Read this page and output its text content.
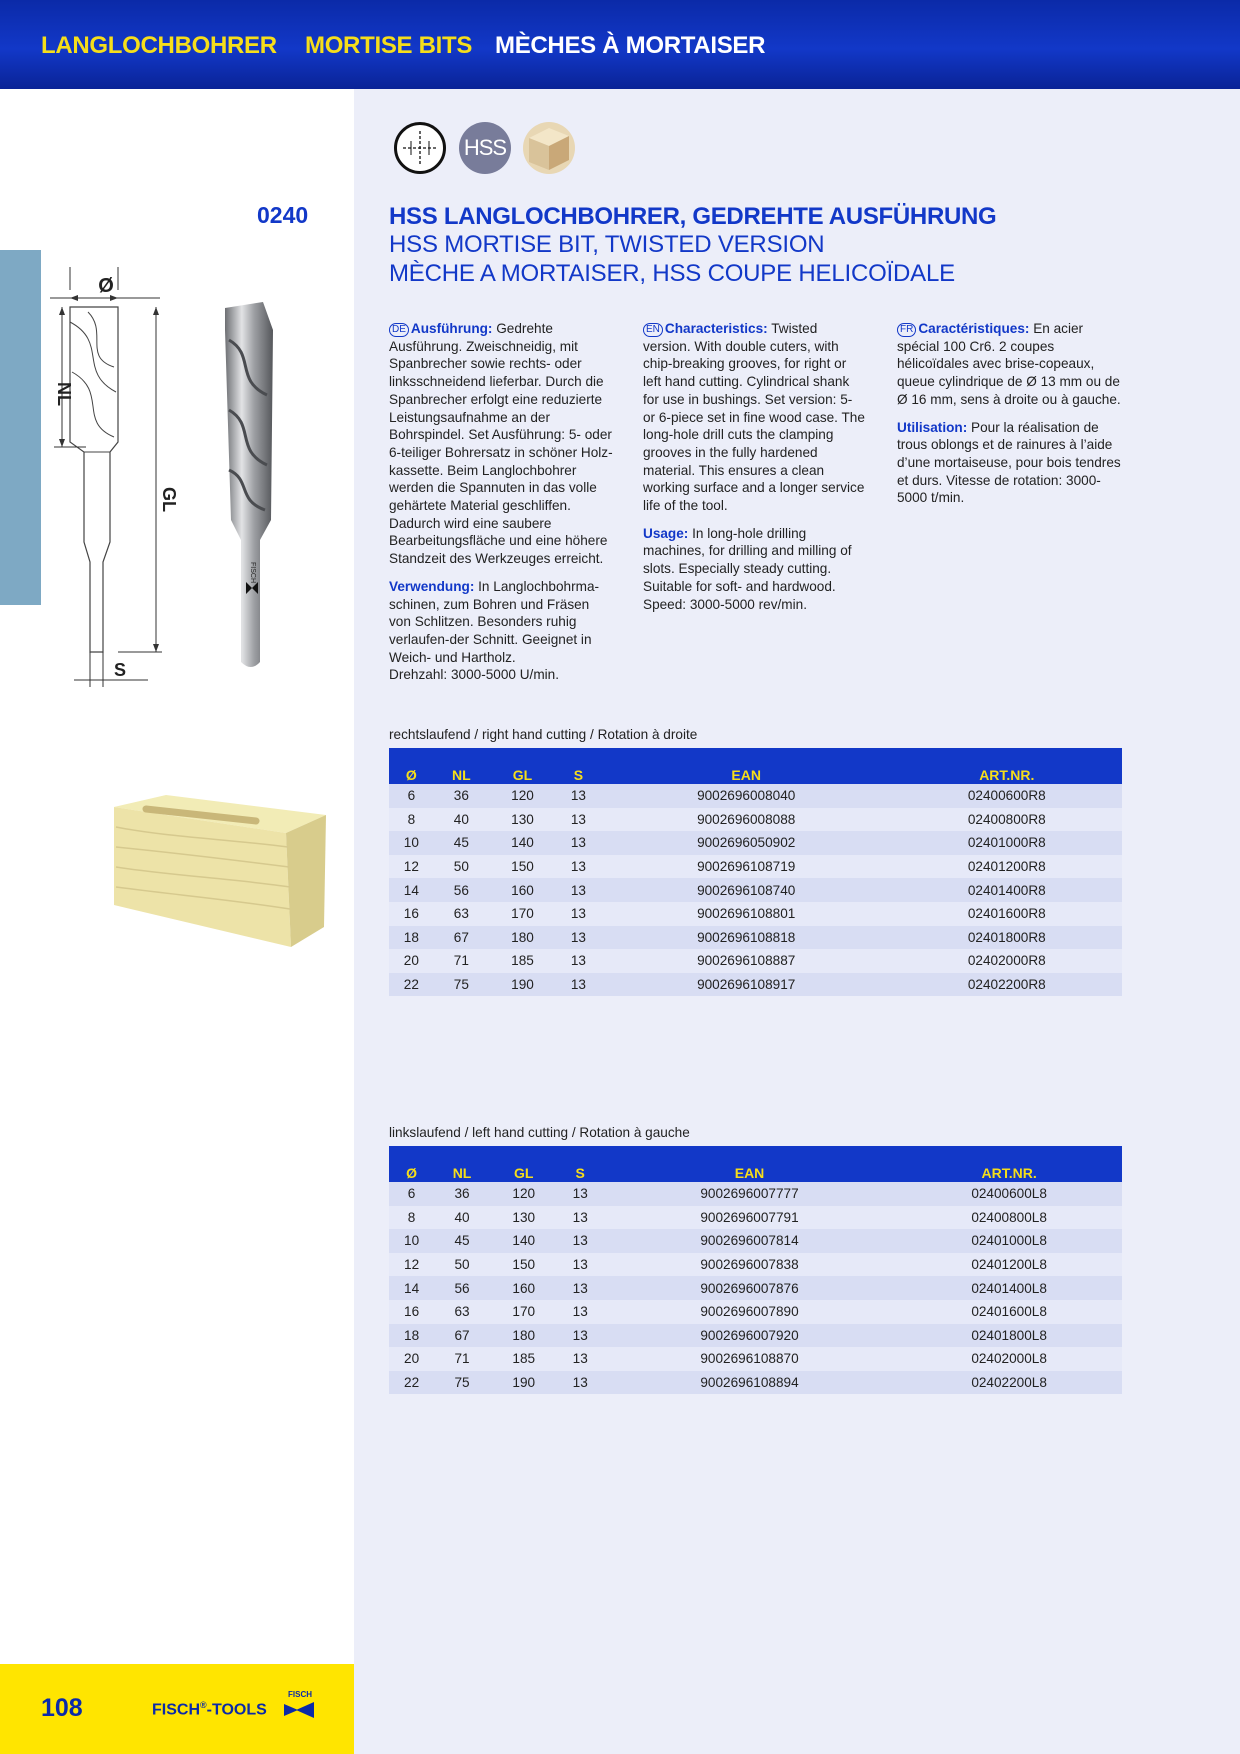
LANGLOCHBOHRER MORTISE BITS MÈCHES À MORTAISER
HSS
0240	HSS LANGLOCHBOHRER, GEDREHTE AUSFÜHRUNG
HSS MORTISE BIT, TWISTED VERSION
MÈCHE A MORTAISER, HSS COUPE HELICOÏDALE
Ø
NL
GL
S
FISCH

DE Ausführung: Gedrehte Ausführung. Zweischneidig, mit Spanbrecher sowie rechts- oder linksschneidend lieferbar. Durch die Spanbrecher erfolgt eine reduzierte Leistungsaufnahme an der Bohrspindel. Set Ausführung: 5- oder 6-teiliger Bohrersatz in schöner Holz-kassette. Beim Langlochbohrer werden die Spannuten in das volle gehärtete Material geschliffen. Dadurch wird eine saubere Bearbeitungsfläche und eine höhere Standzeit des Werkzeuges erreicht.

Verwendung: In Langlochbohrma-schinen, zum Bohren und Fräsen von Schlitzen. Besonders ruhig verlaufen-der Schnitt. Geeignet in Weich- und Hartholz.

Drehzahl: 3000-5000 U/min.

EN Characteristics: Twisted version. With double cuters, with chip-breaking grooves, for right or left hand cutting. Cylindrical shank for use in bushings. Set version: 5- or 6-piece set in fine wood case. The long-hole drill cuts the clamping grooves in the fully hardened material. This ensures a clean working surface and a longer service life of the tool.

Usage: In long-hole drilling machines, for drilling and milling of slots. Especially steady cutting. Suitable for soft- and hardwood.

Speed: 3000-5000 rev/min.

FR Caractéristiques: En acier spécial 100 Cr6. 2 coupes hélicoïdales avec brise-copeaux, queue cylindrique de Ø 13 mm ou de Ø 16 mm, sens à droite ou à gauche.

Utilisation: Pour la réalisation de trous oblongs et de rainures à l’aide d’une mortaiseuse, pour bois tendres et durs. Vitesse de rotation: 3000-5000 t/min.

rechtslaufend / right hand cutting / Rotation à droite
Ø	NL	GL	S	EAN	ART.NR.
6	36	120	13	9002696008040	02400600R8
8	40	130	13	9002696008088	02400800R8
10	45	140	13	9002696050902	02401000R8
12	50	150	13	9002696108719	02401200R8
14	56	160	13	9002696108740	02401400R8
16	63	170	13	9002696108801	02401600R8
18	67	180	13	9002696108818	02401800R8
20	71	185	13	9002696108887	02402000R8
22	75	190	13	9002696108917	02402200R8
linkslaufend / left hand cutting / Rotation à gauche
Ø	NL	GL	S	EAN	ART.NR.
6	36	120	13	9002696007777	02400600L8
8	40	130	13	9002696007791	02400800L8
10	45	140	13	9002696007814	02401000L8
12	50	150	13	9002696007838	02401200L8
14	56	160	13	9002696007876	02401400L8
16	63	170	13	9002696007890	02401600L8
18	67	180	13	9002696007920	02401800L8
20	71	185	13	9002696108870	02402000L8
22	75	190	13	9002696108894	02402200L8
108	FISCH®-TOOLS
FISCH
